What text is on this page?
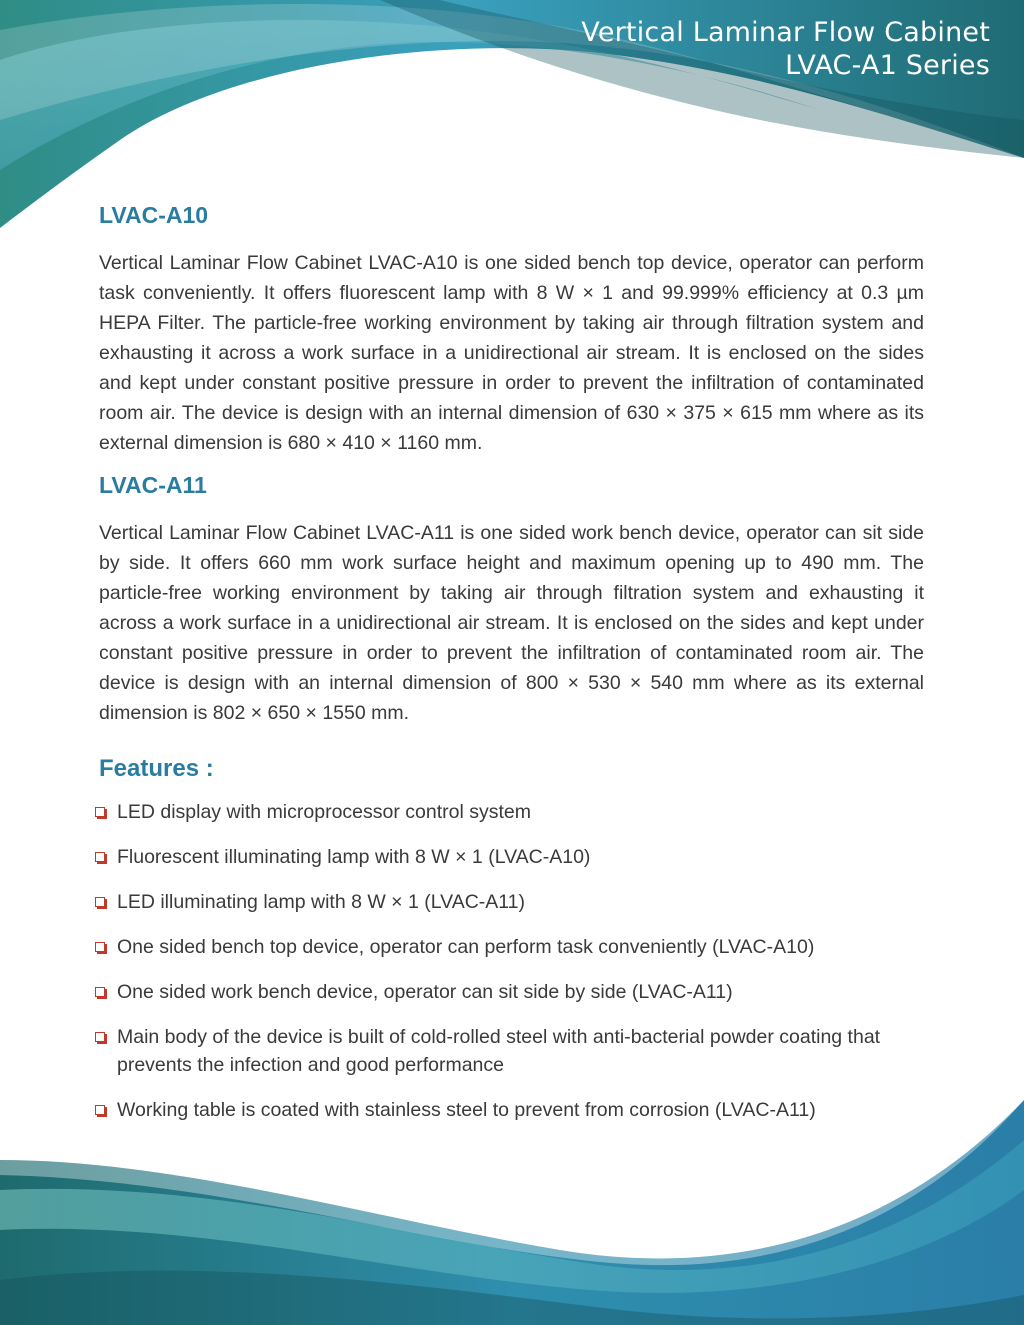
Vertical Laminar Flow Cabinet
LVAC-A1 Series
LVAC-A10

Vertical Laminar Flow Cabinet LVAC-A10 is one sided bench top device, operator can perform task conveniently. It offers fluorescent lamp with 8 W × 1 and 99.999% efficiency at 0.3 µm HEPA Filter. The particle-free working environment by taking air through filtration system and exhausting it across a work surface in a unidirectional air stream. It is enclosed on the sides and kept under constant positive pressure in order to prevent the infiltration of contaminated room air. The device is design with an internal dimension of 630 × 375 × 615 mm where as its external dimension is 680 × 410 × 1160 mm.

LVAC-A11

Vertical Laminar Flow Cabinet LVAC-A11 is one sided work bench device, operator can sit side by side. It offers 660 mm work surface height and maximum opening up to 490 mm. The particle-free working environment by taking air through filtration system and exhausting it across a work surface in a unidirectional air stream. It is enclosed on the sides and kept under constant positive pressure in order to prevent the infiltration of contaminated room air. The device is design with an internal dimension of 800 × 530 × 540 mm where as its external dimension is 802 × 650 × 1550 mm.

Features :
LED display with microprocessor control system
Fluorescent illuminating lamp with 8 W × 1 (LVAC-A10)
LED illuminating lamp with 8 W × 1 (LVAC-A11)
One sided bench top device, operator can perform task conveniently (LVAC-A10)
One sided work bench device, operator can sit side by side (LVAC-A11)
Main body of the device is built of cold-rolled steel with anti-bacterial powder coating that prevents the infection and good performance
Working table is coated with stainless steel to prevent from corrosion (LVAC-A11)
